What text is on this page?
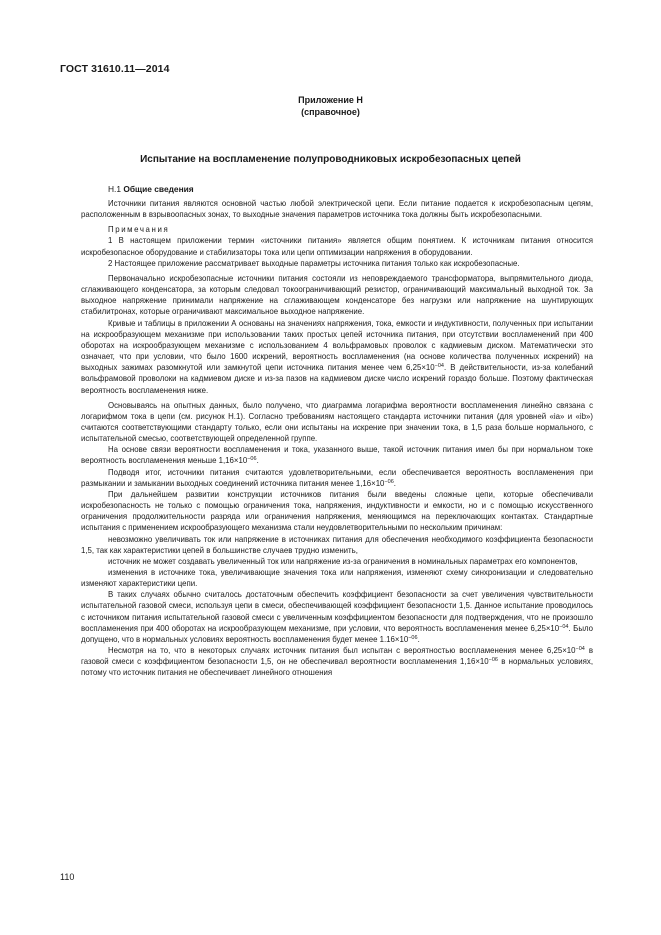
ГОСТ 31610.11—2014
Приложение Н
(справочное)
Испытание на воспламенение полупроводниковых искробезопасных цепей
Н.1 Общие сведения

Источники питания являются основной частью любой электрической цепи. Если питание подается к искробезопасным цепям, расположенным в взрывоопасных зонах, то выходные значения параметров источника тока должны быть искробезопасными.

Примечания

1 В настоящем приложении термин «источники питания» является общим понятием. К источникам питания относится искробезопасное оборудование и стабилизаторы тока или цепи оптимизации напряжения в оборудовании.

2 Настоящее приложение рассматривает выходные параметры источника питания только как искробезопасные.

Первоначально искробезопасные источники питания состояли из неповреждаемого трансформатора, выпрямительного диода, сглаживающего конденсатора, за которым следовал токоограничивающий резистор, ограничивающий максимальный выходной ток. За выходное напряжение принимали напряжение на сглаживающем конденсаторе без нагрузки или напряжение на шунтирующих стабилитронах, которые ограничивают максимальное выходное напряжение.

Кривые и таблицы в приложении А основаны на значениях напряжения, тока, емкости и индуктивности, полученных при испытании на искрообразующем механизме при использовании таких простых цепей источника питания, при отсутствии воспламенений при 400 оборотах на искрообразующем механизме с использованием 4 вольфрамовых проволок с кадмиевым диском. Математически это означает, что при условии, что было 1600 искрений, вероятность воспламенения (на основе количества полученных искрений) на выходных зажимах разомкнутой или замкнутой цепи источника питания менее чем $6,25\times 10^{-04}$. В действительности, из-за колебаний вольфрамовой проволоки на кадмиевом диске и из-за пазов на кадмиевом диске число искрений гораздо больше. Поэтому фактическая вероятность воспламенения ниже.

Основываясь на опытных данных, было получено, что диаграмма логарифма вероятности воспламенения линейно связана с логарифмом тока в цепи (см. рисунок Н.1). Согласно требованиям настоящего стандарта источники питания (для уровней «ia» и «ib») считаются соответствующими стандарту только, если они испытаны на искрение при значении тока, в 1,5 раза больше нормального, с испытательной смесью, соответствующей определенной группе.

На основе связи вероятности воспламенения и тока, указанного выше, такой источник питания имел бы при нормальном токе вероятность воспламенения меньше $1,16\times 10^{-06}$.

Подводя итог, источники питания считаются удовлетворительными, если обеспечивается вероятность воспламенения при размыкании и замыкании выходных соединений источника питания менее $1,16\times 10^{-06}$.

При дальнейшем развитии конструкции источников питания были введены сложные цепи, которые обеспечивали искробезопасность не только с помощью ограничения тока, напряжения, индуктивности и емкости, но и с помощью искусственного ограничения продолжительности разряда или ограничения напряжения, меняющимся на переключающих контактах. Стандартные испытания с применением искрообразующего механизма стали неудовлетворительными по нескольким причинам:

невозможно увеличивать ток или напряжение в источниках питания для обеспечения необходимого коэффициента безопасности 1,5, так как характеристики цепей в большинстве случаев трудно изменить,

источник не может создавать увеличенный ток или напряжение из-за ограничения в номинальных параметрах его компонентов,

изменения в источнике тока, увеличивающие значения тока или напряжения, изменяют схему синхронизации и следовательно изменяют характеристики цепи.

В таких случаях обычно считалось достаточным обеспечить коэффициент безопасности за счет увеличения чувствительности испытательной газовой смеси, используя цепи в смеси, обеспечивающей коэффициент безопасности 1,5. Данное испытание проводилось с источником питания испытательной газовой смеси с увеличенным коэффициентом безопасности для подтверждения, что не произошло воспламенения при 400 оборотах на искрообразующем механизме, при условии, что вероятность воспламенения менее $6,25\times 10^{-04}$. Было допущено, что в нормальных условиях вероятность воспламенения будет менее $1.16\times 10^{-06}$.

Несмотря на то, что в некоторых случаях источник питания был испытан с вероятностью воспламенения менее $6,25\times 10^{-04}$ в газовой смеси с коэффициентом безопасности 1,5, он не обеспечивал вероятности воспламенения $1,16\times 10^{-06}$ в нормальных условиях, потому что источник питания не обеспечивает линейного отношения

110
